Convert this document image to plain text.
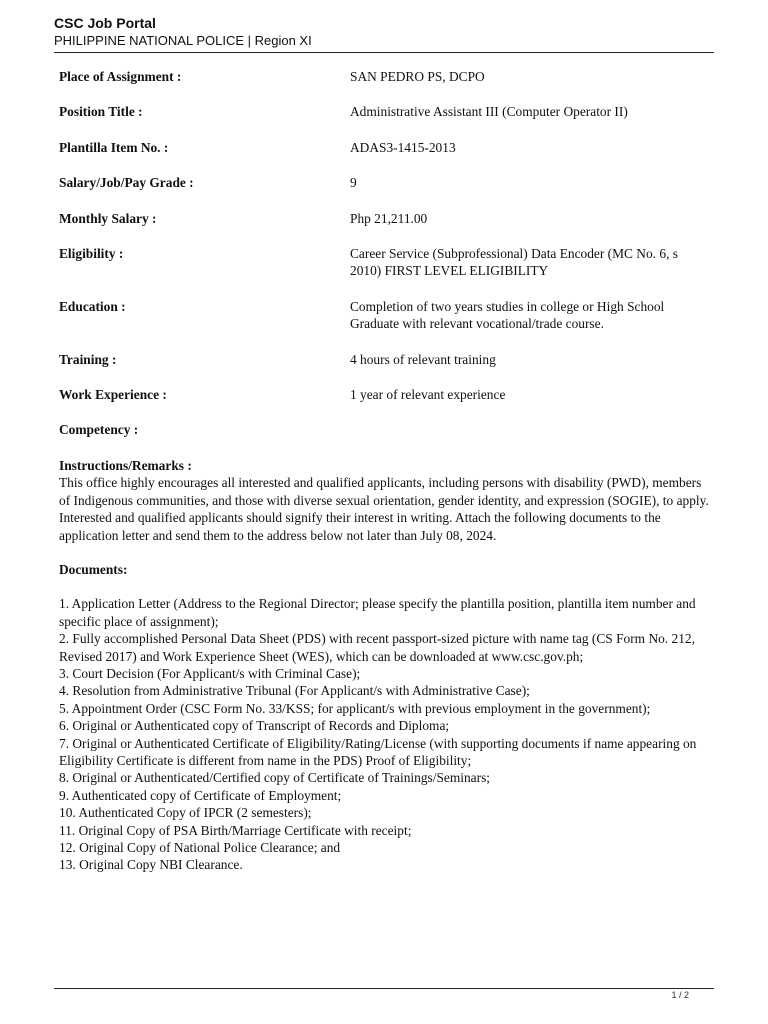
CSC Job Portal
PHILIPPINE NATIONAL POLICE | Region XI
Place of Assignment :	SAN PEDRO PS, DCPO
Position Title :	Administrative Assistant III (Computer Operator II)
Plantilla Item No. :	ADAS3-1415-2013
Salary/Job/Pay Grade :	9
Monthly Salary :	Php 21,211.00
Eligibility :	Career Service (Subprofessional) Data Encoder (MC No. 6, s 2010) FIRST LEVEL ELIGIBILITY
Education :	Completion of two years studies in college or High School Graduate with relevant vocational/trade course.
Training :	4 hours of relevant training
Work Experience :	1 year of relevant experience
Competency :
Instructions/Remarks :

This office highly encourages all interested and qualified applicants, including persons with disability (PWD), members of Indigenous communities, and those with diverse sexual orientation, gender identity, and expression (SOGIE), to apply. Interested and qualified applicants should signify their interest in writing. Attach the following documents to the application letter and send them to the address below not later than July 08, 2024.

Documents:
1. Application Letter (Address to the Regional Director; please specify the plantilla position, plantilla item number and specific place of assignment);
2. Fully accomplished Personal Data Sheet (PDS) with recent passport-sized picture with name tag (CS Form No. 212, Revised 2017) and Work Experience Sheet (WES), which can be downloaded at www.csc.gov.ph;
3. Court Decision (For Applicant/s with Criminal Case);
4. Resolution from Administrative Tribunal (For Applicant/s with Administrative Case);
5. Appointment Order (CSC Form No. 33/KSS; for applicant/s with previous employment in the government);
6. Original or Authenticated copy of Transcript of Records and Diploma;
7. Original or Authenticated Certificate of Eligibility/Rating/License (with supporting documents if name appearing on Eligibility Certificate is different from name in the PDS) Proof of Eligibility;
8. Original or Authenticated/Certified copy of Certificate of Trainings/Seminars;
9. Authenticated copy of Certificate of Employment;
10. Authenticated Copy of IPCR (2 semesters);
11. Original Copy of PSA Birth/Marriage Certificate with receipt;
12. Original Copy of National Police Clearance; and
13. Original Copy NBI Clearance.
1 / 2
